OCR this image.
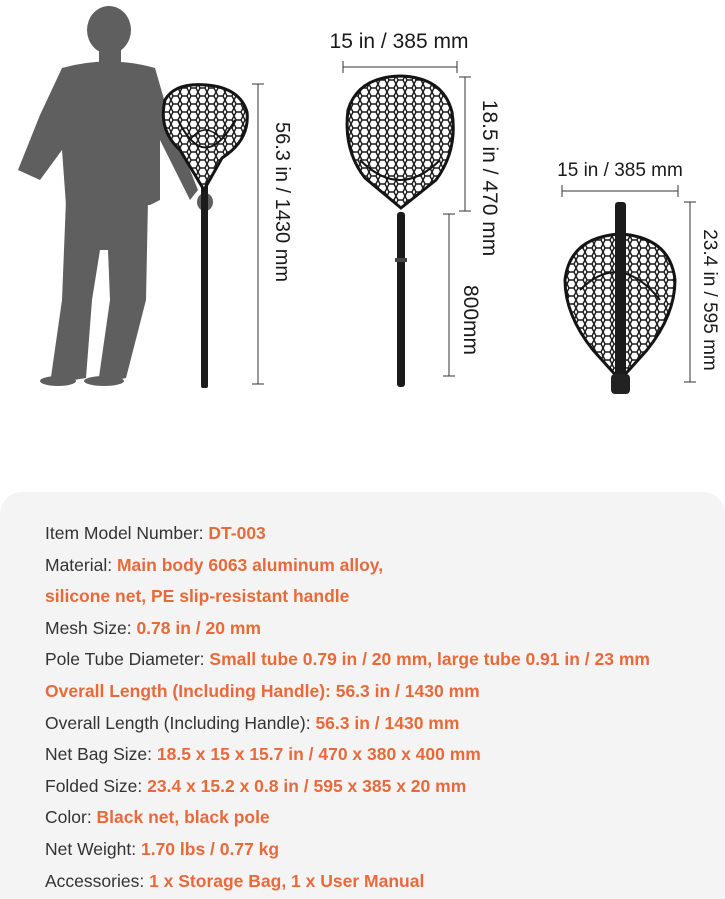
56.3 in / 1430 mm
15 in / 385 mm
18.5 in / 470 mm
800mm
15 in / 385 mm
23.4 in / 595 mm
Item Model Number: DT-003
Material: Main body 6063 aluminum alloy,
silicone net, PE slip-resistant handle
Mesh Size: 0.78 in / 20 mm
Pole Tube Diameter: Small tube 0.79 in / 20 mm, large tube 0.91 in / 23 mm
Overall Length (Including Handle): 56.3 in / 1430 mm
Overall Length (Including Handle): 56.3 in / 1430 mm
Net Bag Size: 18.5 x 15 x 15.7 in / 470 x 380 x 400 mm
Folded Size: 23.4 x 15.2 x 0.8 in / 595 x 385 x 20 mm
Color: Black net, black pole
Net Weight: 1.70 lbs / 0.77 kg
Accessories: 1 x Storage Bag, 1 x User Manual
